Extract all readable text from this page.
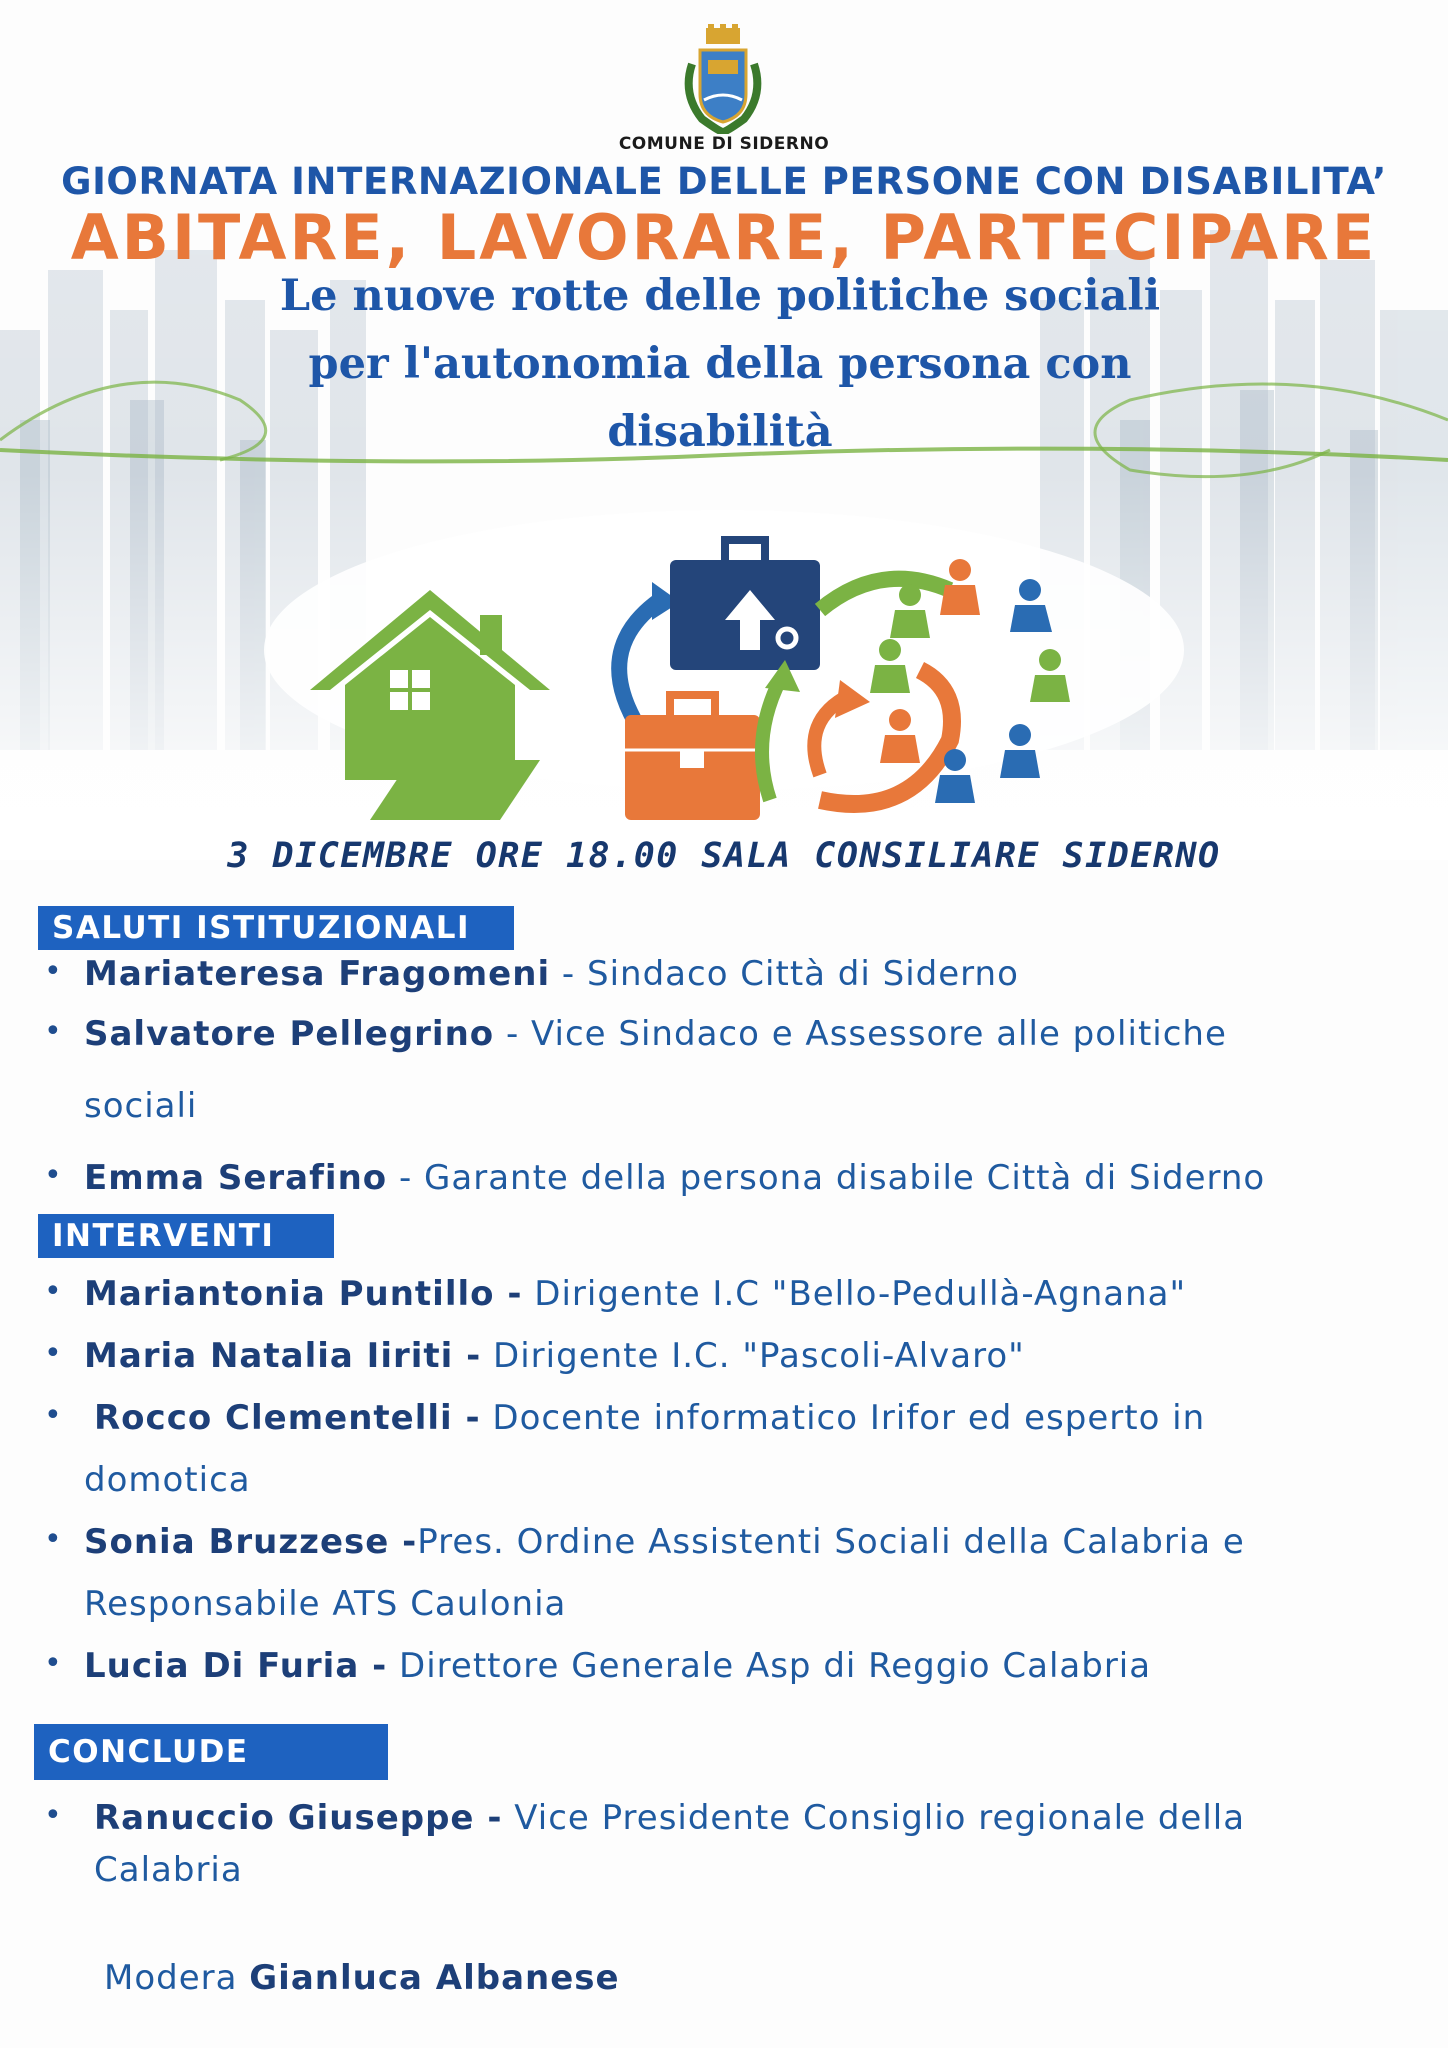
COMUNE DI SIDERNO
GIORNATA INTERNAZIONALE DELLE PERSONE CON DISABILITA’
ABITARE, LAVORARE, PARTECIPARE
Le nuove rotte delle politiche sociali
per l'autonomia della persona con
disabilità
3 DICEMBRE ORE 18.00 SALA CONSILIARE SIDERNO
SALUTI ISTITUZIONALI
• Mariateresa Fragomeni - Sindaco Città di Siderno
• Salvatore Pellegrino - Vice Sindaco e Assessore alle politiche
sociali
• Emma Serafino - Garante della persona disabile Città di Siderno
INTERVENTI
• Mariantonia Puntillo - Dirigente I.C "Bello-Pedullà-Agnana"
• Maria Natalia Iiriti - Dirigente I.C. "Pascoli-Alvaro"
• Rocco Clementelli - Docente informatico Irifor ed esperto in
domotica
• Sonia Bruzzese -Pres. Ordine Assistenti Sociali della Calabria e
Responsabile ATS Caulonia
• Lucia Di Furia - Direttore Generale Asp di Reggio Calabria
CONCLUDE
• Ranuccio Giuseppe - Vice Presidente Consiglio regionale della
Calabria
Modera Gianluca Albanese
